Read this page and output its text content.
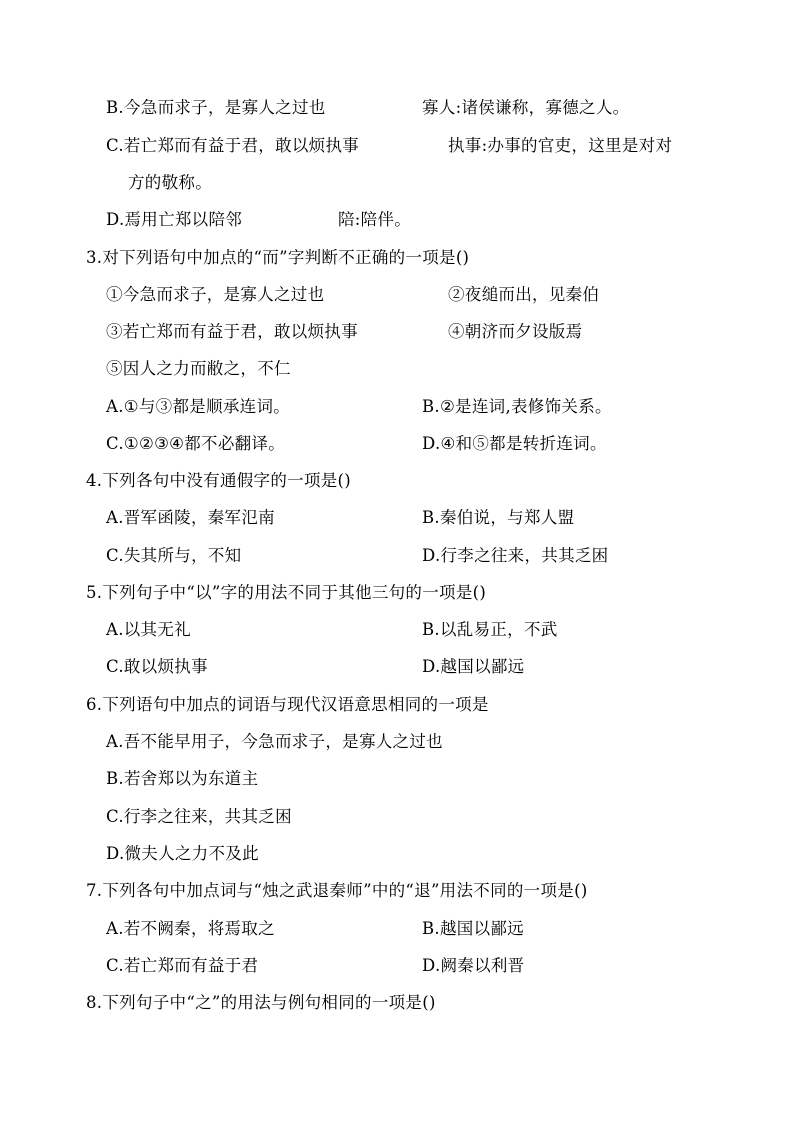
B.今急而求子，是寡人之过也	寡人:诸侯谦称，寡德之人。
C.若亡郑而有益于君，敢以烦执事	执事:办事的官吏，这里是对对
方的敬称。
D.焉用亡郑以陪邻	陪:陪伴。
3.对下列语句中加点的“而”字判断不正确的一项是()
①今急而求子，是寡人之过也	②夜缒而出，见秦伯
③若亡郑而有益于君，敢以烦执事	④朝济而夕设版焉
⑤因人之力而敝之，不仁
A.①与③都是顺承连词。	B.②是连词,表修饰关系。
C.①②③④都不必翻译。	D.④和⑤都是转折连词。
4.下列各句中没有通假字的一项是()
A.晋军函陵，秦军氾南	B.秦伯说，与郑人盟
C.失其所与，不知	D.行李之往来，共其乏困
5.下列句子中“以”字的用法不同于其他三句的一项是()
A.以其无礼	B.以乱易正，不武
C.敢以烦执事	D.越国以鄙远
6.下列语句中加点的词语与现代汉语意思相同的一项是
A.吾不能早用子，今急而求子，是寡人之过也
B.若舍郑以为东道主
C.行李之往来，共其乏困
D.微夫人之力不及此
7.下列各句中加点词与“烛之武退秦师”中的“退”用法不同的一项是()
A.若不阙秦，将焉取之	B.越国以鄙远
C.若亡郑而有益于君	D.阙秦以利晋
8.下列句子中“之”的用法与例句相同的一项是()
